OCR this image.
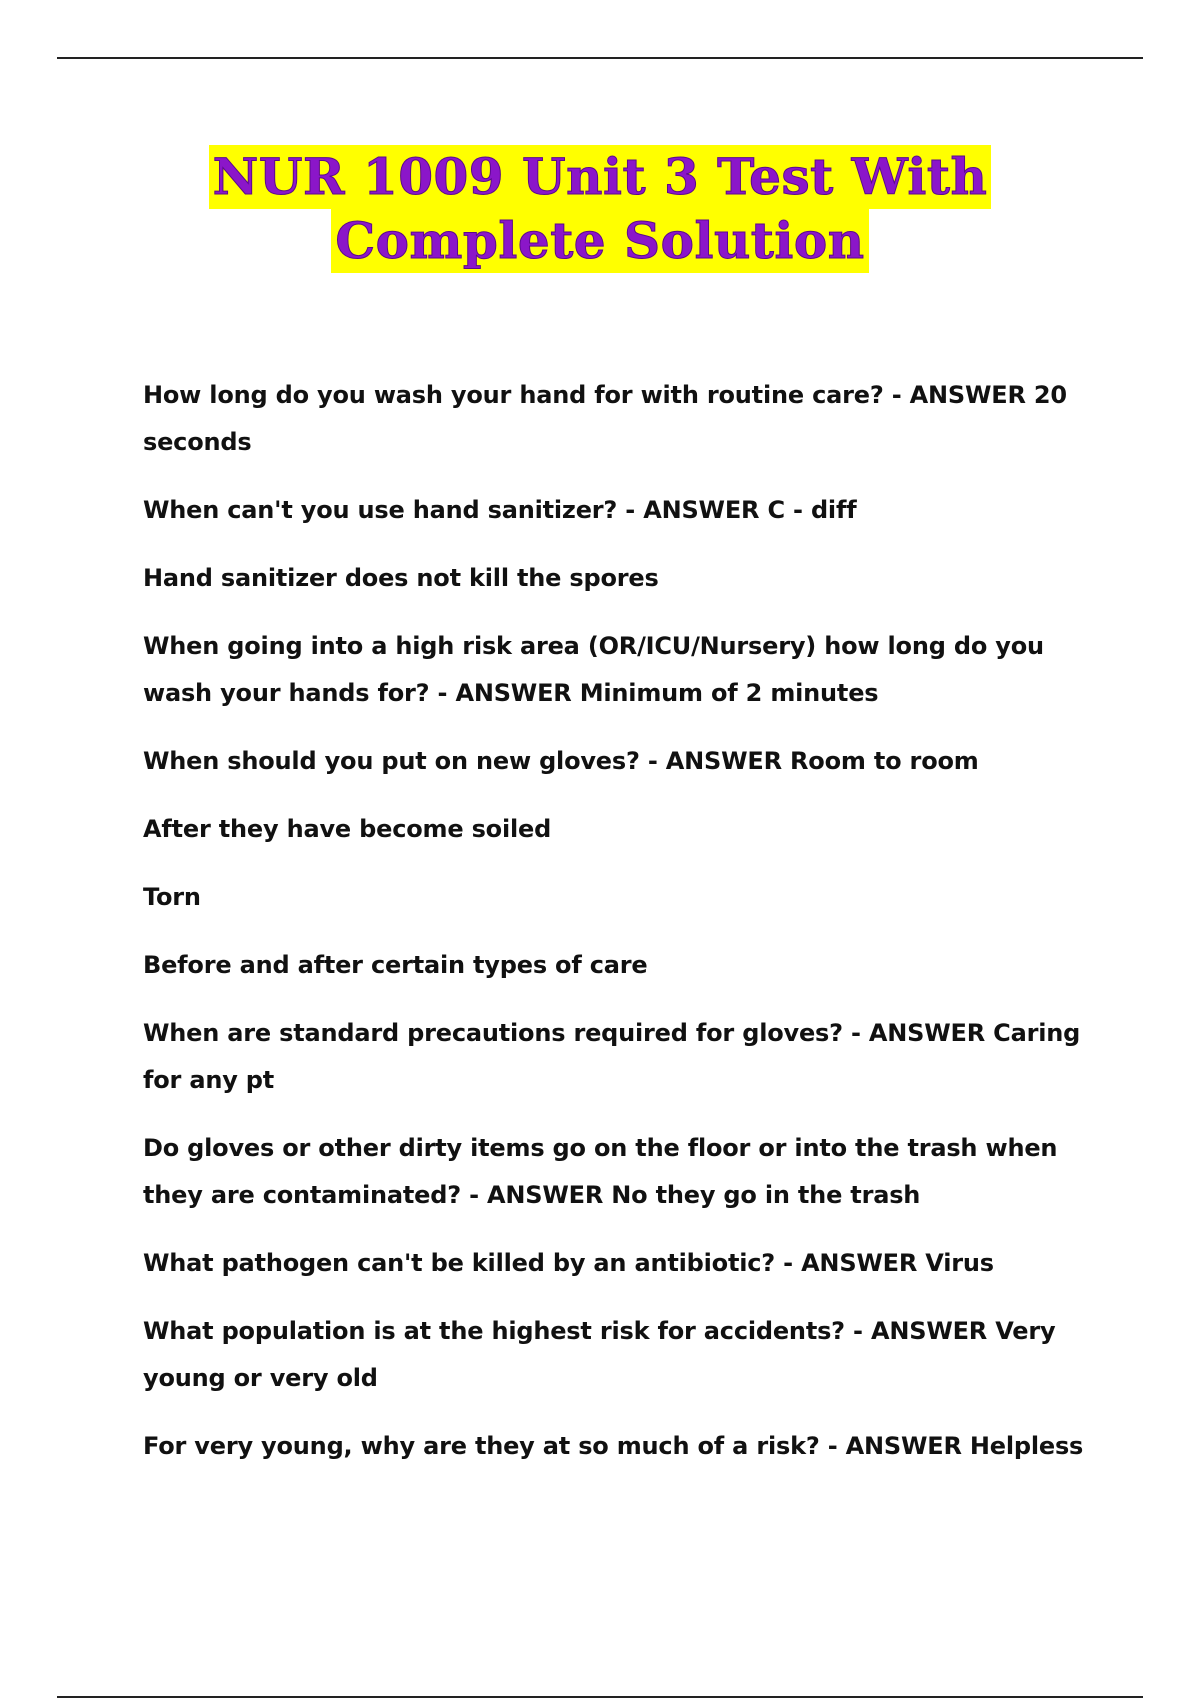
NUR 1009 Unit 3 Test With
Complete Solution
How long do you wash your hand for with routine care? - ANSWER 20 seconds
When can't you use hand sanitizer? - ANSWER C - diff
Hand sanitizer does not kill the spores
When going into a high risk area (OR/ICU/Nursery) how long do you wash your hands for? - ANSWER Minimum of 2 minutes
When should you put on new gloves? - ANSWER Room to room
After they have become soiled
Torn
Before and after certain types of care
When are standard precautions required for gloves? - ANSWER Caring for any pt
Do gloves or other dirty items go on the floor or into the trash when they are contaminated? - ANSWER No they go in the trash
What pathogen can't be killed by an antibiotic? - ANSWER Virus
What population is at the highest risk for accidents? - ANSWER Very young or very old
For very young, why are they at so much of a risk? - ANSWER Helpless
